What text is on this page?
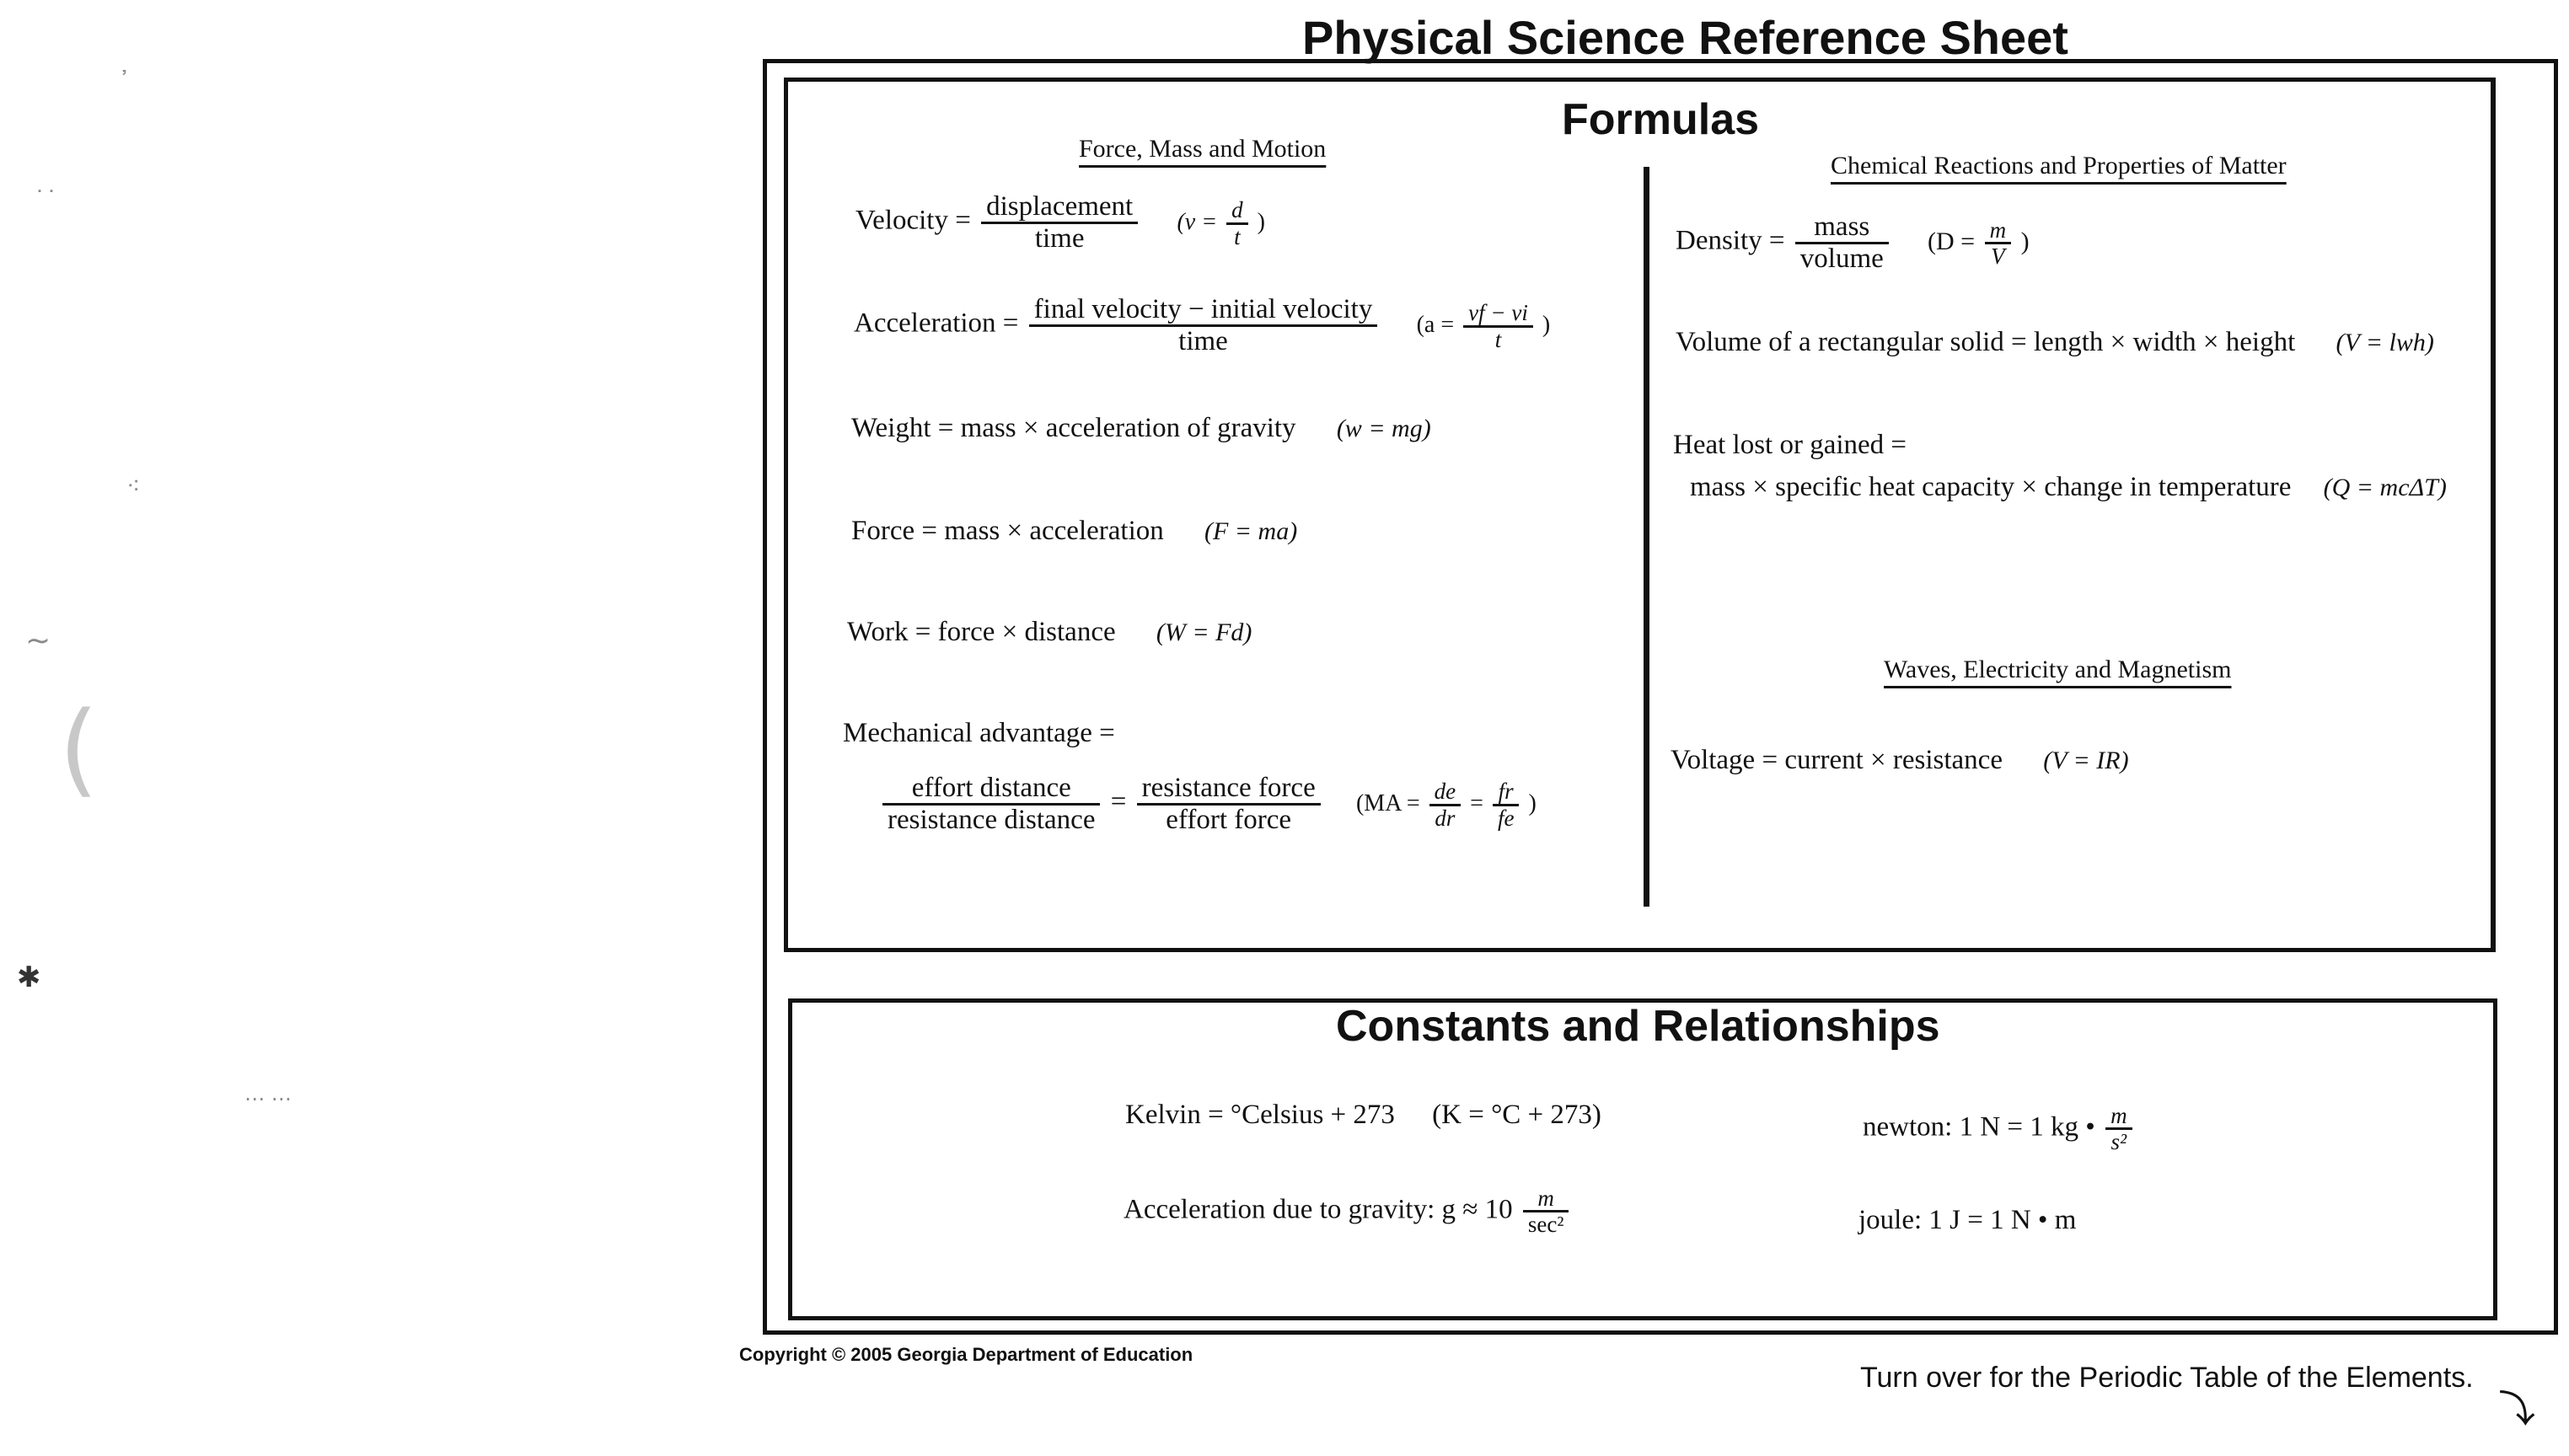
᾽
˙˙
⁖
~
(
✱
⋯ ⋯
Physical Science Reference Sheet
Formulas
Force, Mass and Motion
Velocity = $\frac{\text{displacement}}{\text{time}} (v = \frac{d}{t}$ )
Acceleration = $\frac{\text{final velocity − initial velocity}}{\text{time}} (a = \frac{vf - vi}{t}$ )
Weight = mass × acceleration of gravity (w = mg)
Force = mass × acceleration (F = ma)
Work = force × distance (W = Fd)
Mechanical advantage =
$\frac{\text{effort distance}}{\text{resistance distance}} = \frac{\text{resistance force}}{\text{effort force}} (MA = \frac{de}{dr} = \frac{fr}{fe}$ )
Chemical Reactions and Properties of Matter
Density = $\frac{\text{mass}}{\text{volume}} (D = \frac{m}{V}$ )
Volume of a rectangular solid = length × width × height (V = lwh)
Heat lost or gained =
mass × specific heat capacity × change in temperature (Q = mcΔT)
Waves, Electricity and Magnetism
Voltage = current × resistance (V = IR)
Constants and Relationships
Kelvin = °Celsius + 273 (K = °C + 273)
Acceleration due to gravity: $g \approx 10 \frac{m}{\text{sec²}}$
newton: 1 N = 1 kg • $\frac{m}{\text{s²}}$
joule: 1 J = 1 N • m
Copyright © 2005 Georgia Department of Education
Turn over for the Periodic Table of the Elements.
⤵
